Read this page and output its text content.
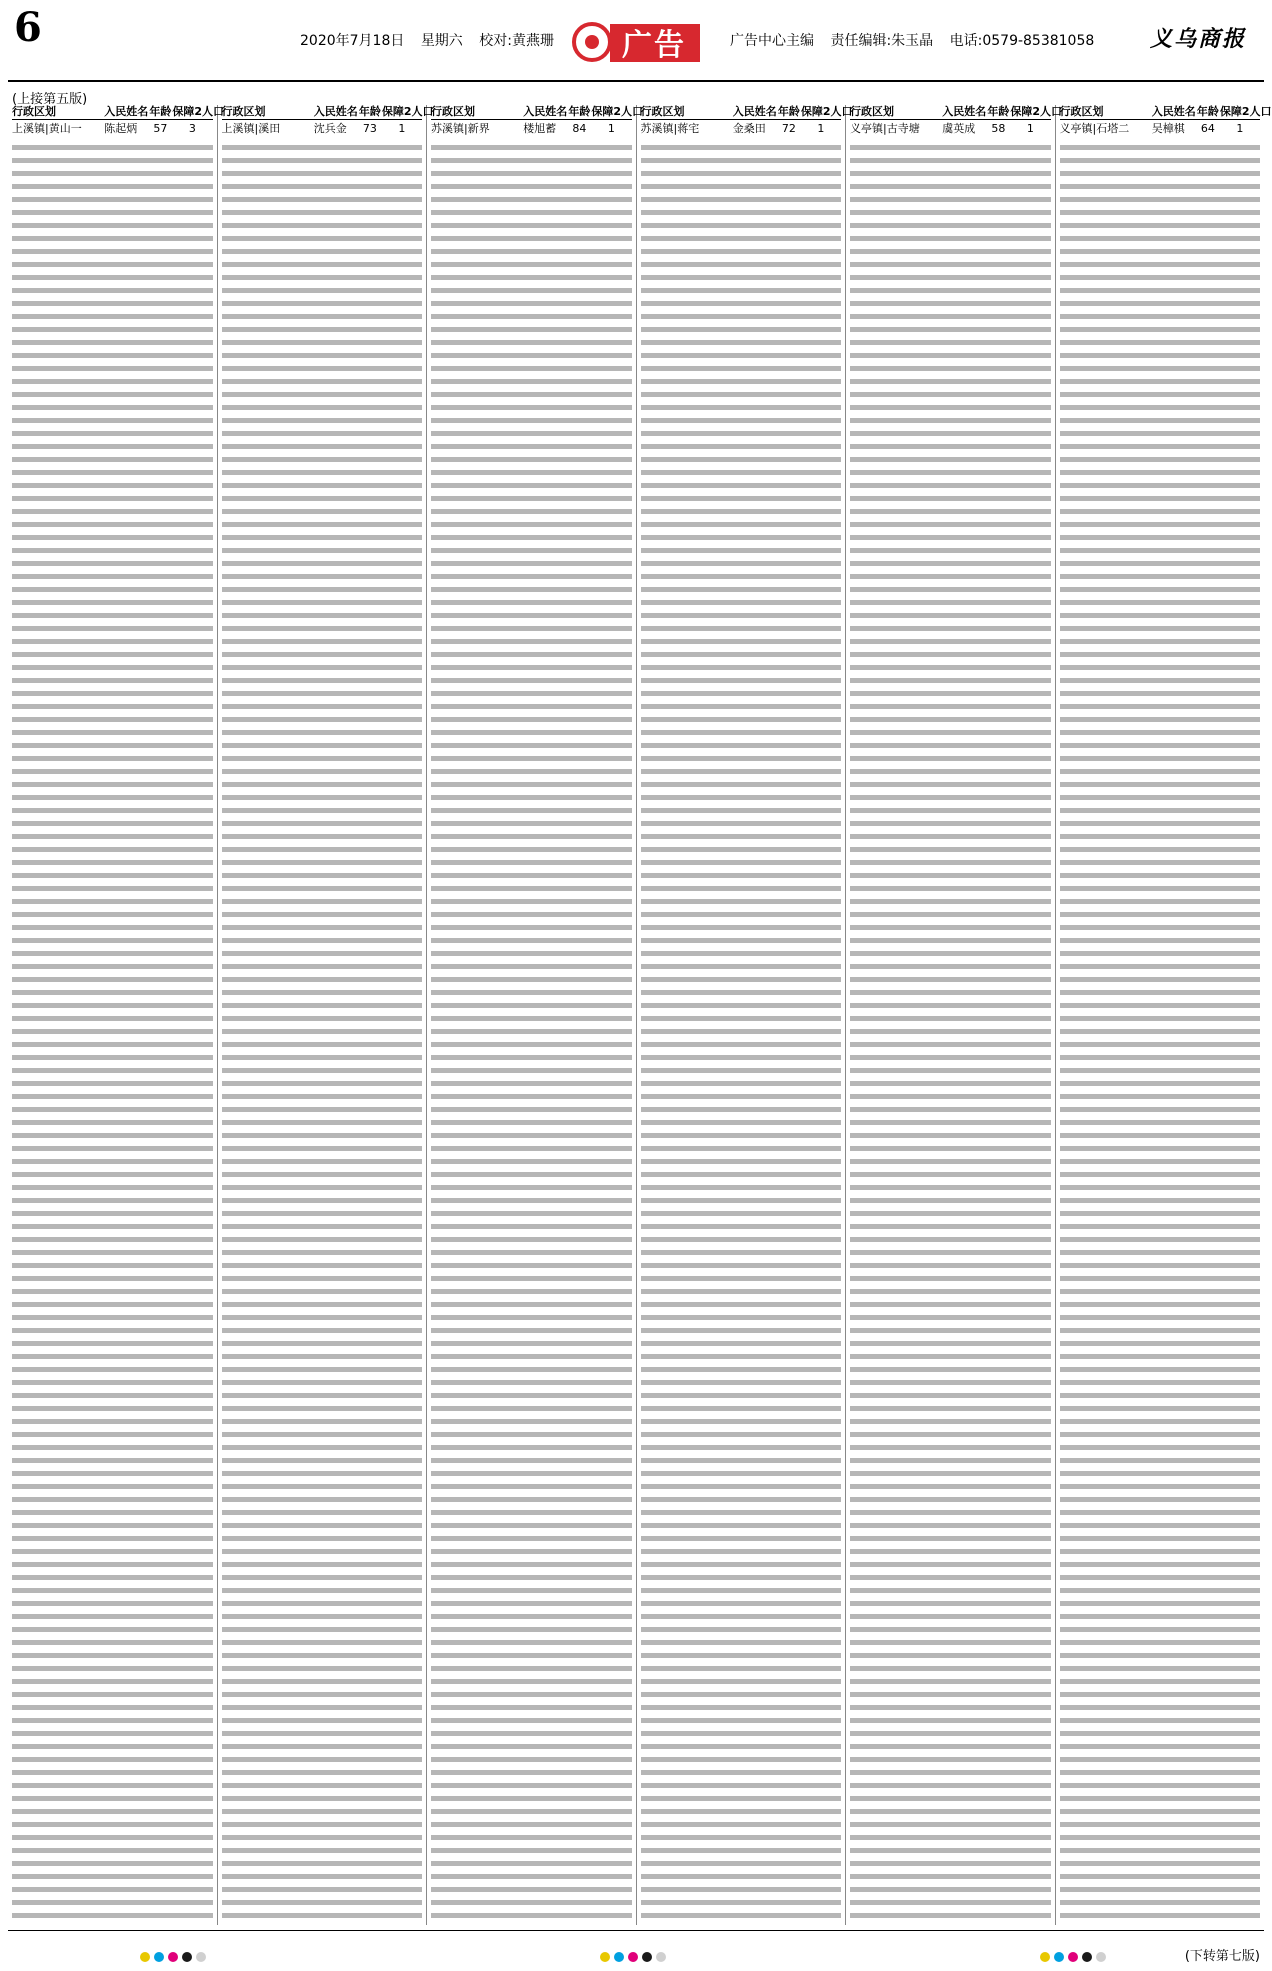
6	2020年7月18日 星期六 校对:黄燕珊	广告	广告中心主编 责任编辑:朱玉晶 电话:0579-85381058	义乌商报
(上接第五版)
行政区划	入民姓名 年龄 保障2人口
上溪镇|黄山一	陈起炳	57	3
行政区划	入民姓名 年龄 保障2人口
上溪镇|溪田	沈兵金	73	1
行政区划	入民姓名 年龄 保障2人口
苏溪镇|新界	楼旭蓄	84	1
行政区划	入民姓名 年龄 保障2人口
苏溪镇|蒋宅	金桑田	72	1
行政区划	入民姓名 年龄 保障2人口
义亭镇|古寺塘	虞英成	58	1
行政区划	入民姓名 年龄 保障2人口
义亭镇|石塔二	吴樟棋	64	1
(下转第七版)
